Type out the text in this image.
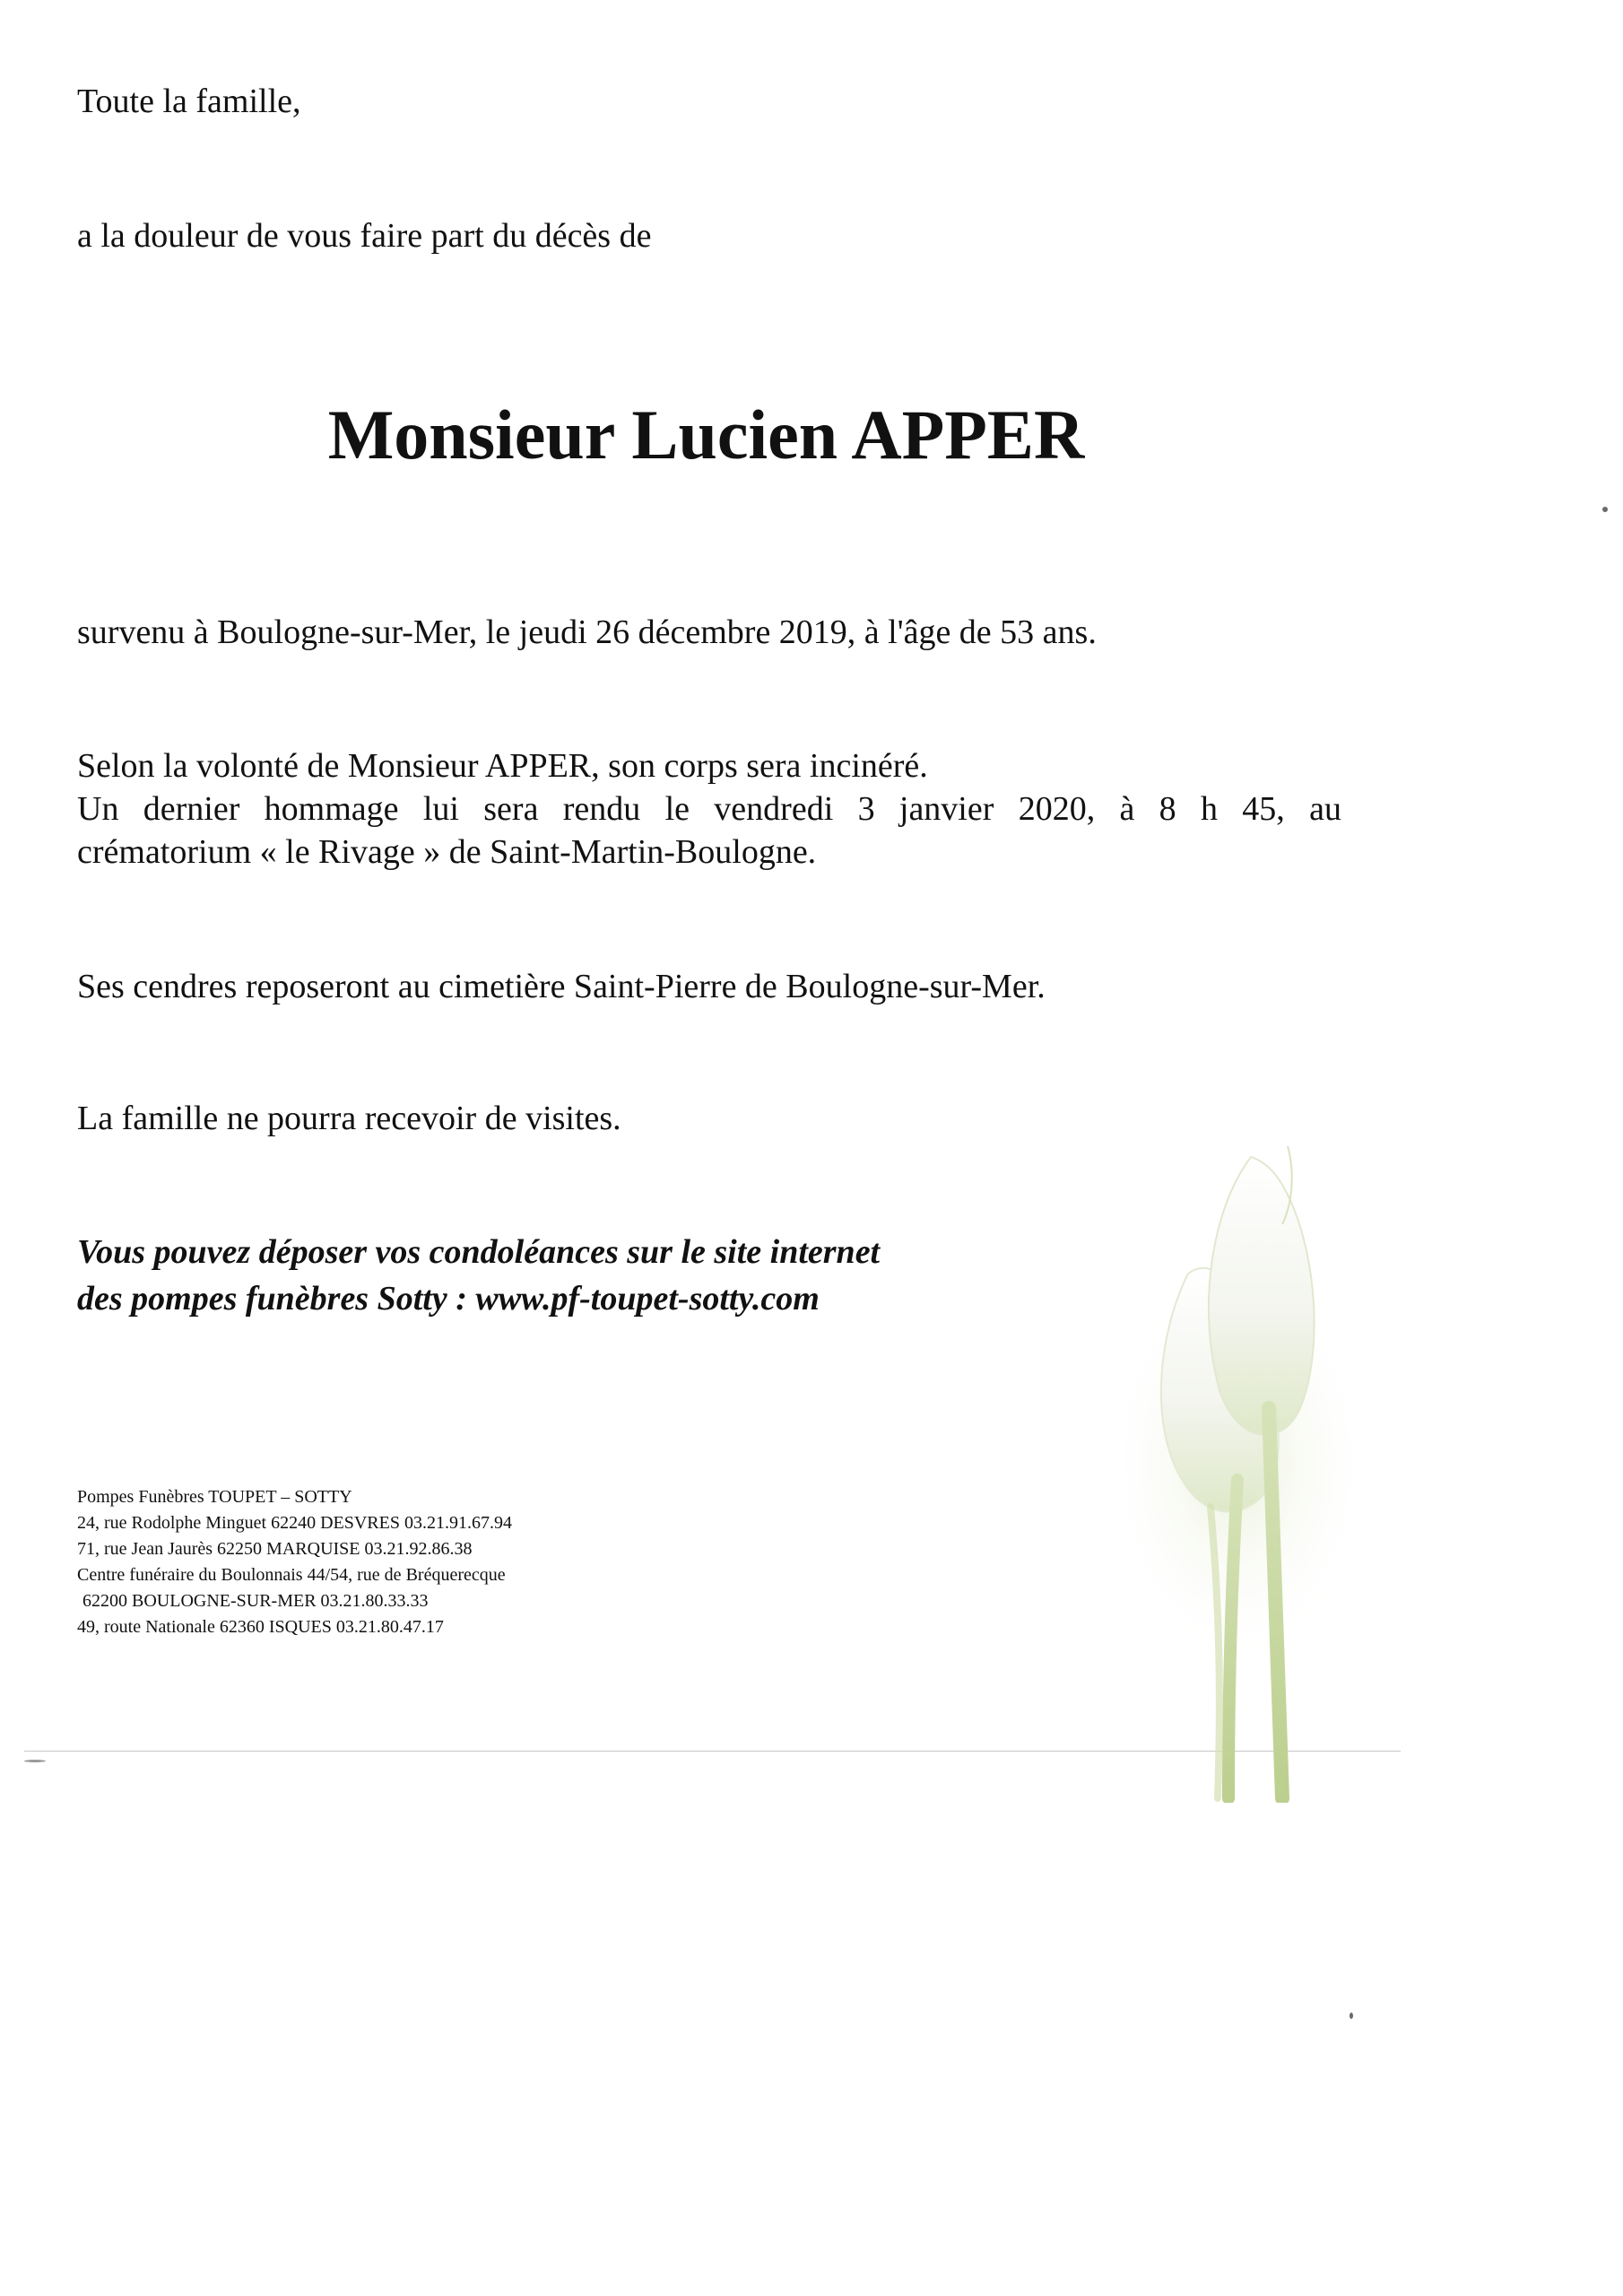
Toute la famille,

a la douleur de vous faire part du décès de

Monsieur Lucien APPER

survenu à Boulogne-sur-Mer, le jeudi 26 décembre 2019, à l'âge de 53 ans.

Selon la volonté de Monsieur APPER, son corps sera incinéré.
Un dernier hommage lui sera rendu le vendredi 3 janvier 2020, à 8 h 45, au
crématorium « le Rivage » de Saint-Martin-Boulogne.

Ses cendres reposeront au cimetière Saint-Pierre de Boulogne-sur-Mer.

La famille ne pourra recevoir de visites.

Vous pouvez déposer vos condoléances sur le site internet
des pompes funèbres Sotty : www.pf-toupet-sotty.com

Pompes Funèbres TOUPET – SOTTY
24, rue Rodolphe Minguet 62240 DESVRES 03.21.91.67.94
71, rue Jean Jaurès 62250 MARQUISE 03.21.92.86.38
Centre funéraire du Boulonnais 44/54, rue de Bréquerecque
62200 BOULOGNE-SUR-MER 03.21.80.33.33
49, route Nationale 62360 ISQUES 03.21.80.47.17
